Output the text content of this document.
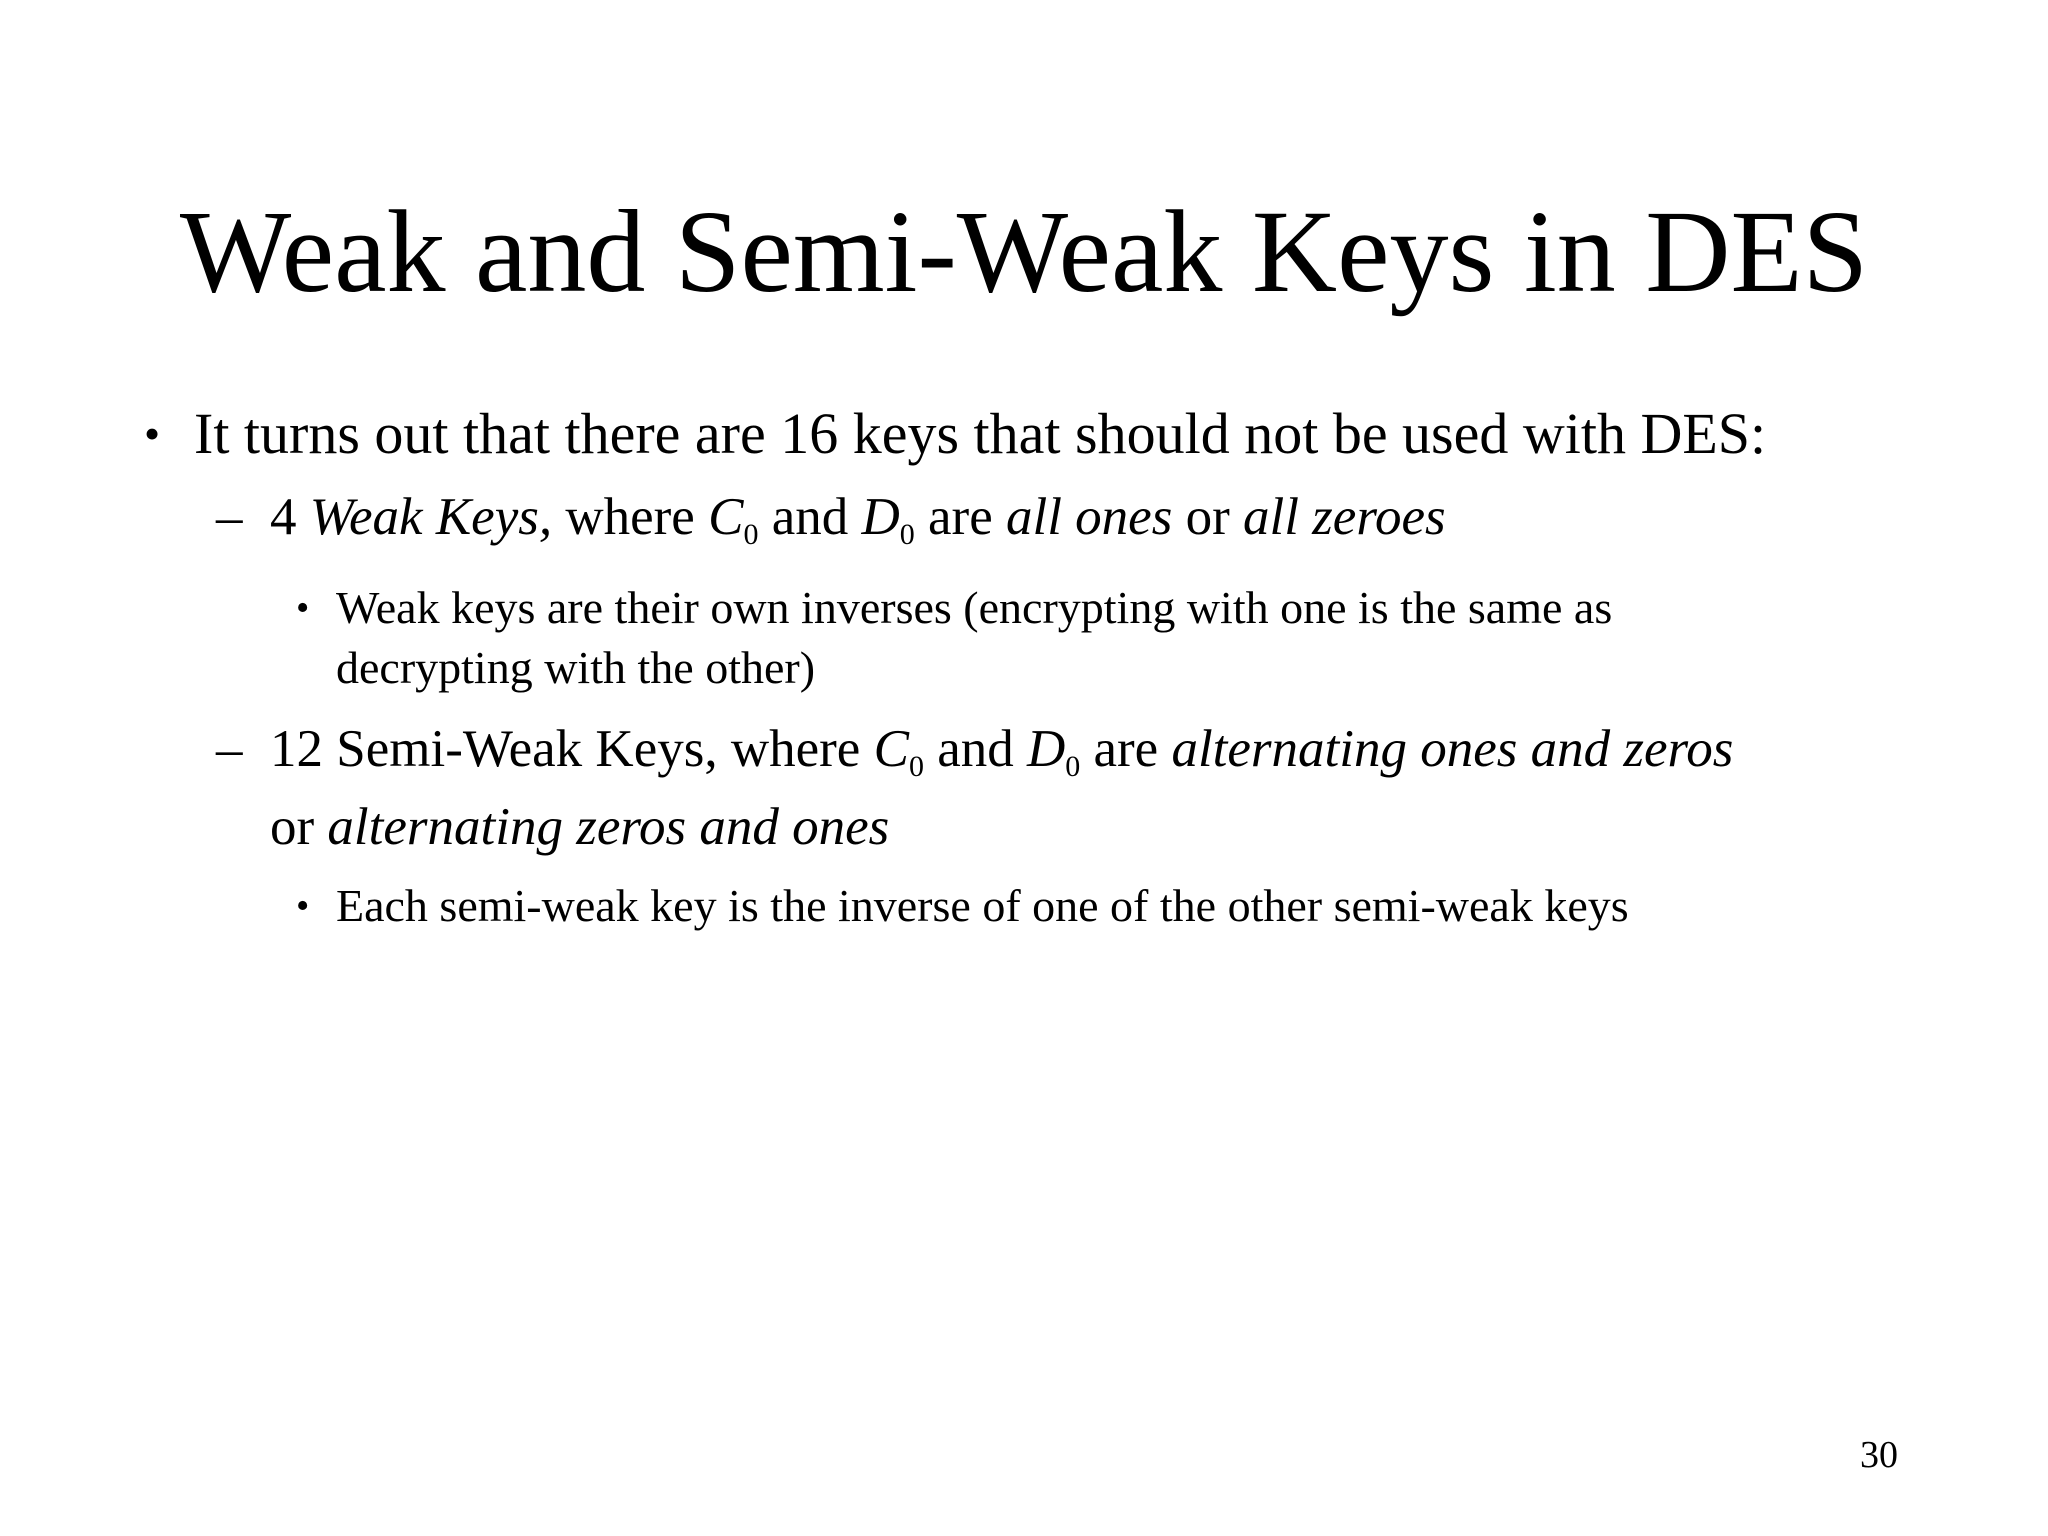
Weak and Semi-Weak Keys in DES
• It turns out that there are 16 keys that should not be used with DES:
– 4 Weak Keys, where $C_0$ and $D_0$ are all ones or all zeroes
• Weak keys are their own inverses (encrypting with one is the same as
decrypting with the other)
– 12 Semi-Weak Keys, where $C_0$ and $D_0$ are alternating ones and zeros
or alternating zeros and ones
• Each semi-weak key is the inverse of one of the other semi-weak keys
30
